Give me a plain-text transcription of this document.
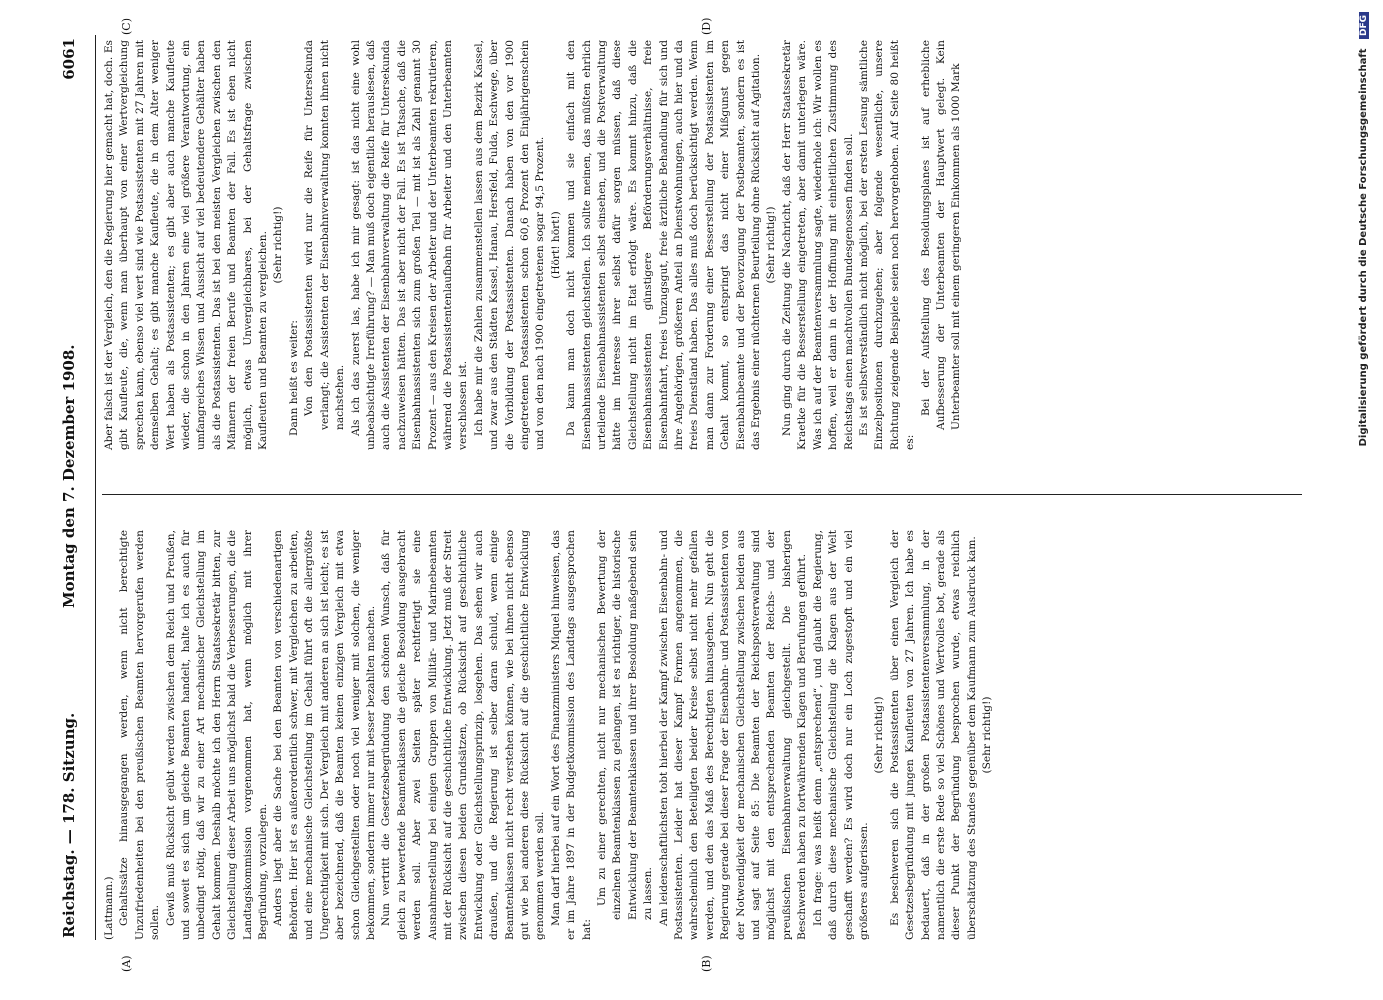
Reichstag. — 178. Sitzung.
Montag den 7. Dezember 1908.
6061
(A)	(B)
(C)	(D)

(Lattmann.) Gehaltssätze hinausgegangen werden, wenn nicht berechtigte Unzufriedenheiten bei den preußischen Beamten hervorgerufen werden sollen. Gewiß muß Rücksicht geübt werden zwischen dem Reich und Preußen, und soweit es sich um gleiche Beamten handelt, halte ich es auch für unbedingt nötig, daß wir zu einer Art mechanischer Gleichstellung im Gehalt kommen. Deshalb möchte ich den Herrn Staatssekretär bitten, zur Gleichstellung dieser Arbeit uns möglichst bald die Verbesserungen, die die Landtagskommission vorgenommen hat, wenn möglich mit ihrer Begründung, vorzulegen. Anders liegt aber die Sache bei den Beamten von verschiedenartigen Behörden. Hier ist es außerordentlich schwer, mit Vergleichen zu arbeiten, und eine mechanische Gleichstellung im Gehalt führt oft die allergrößte Ungerechtigkeit mit sich. Der Vergleich mit anderen an sich ist leicht; es ist aber bezeichnend, daß die Beamten keinen einzigen Vergleich mit etwa schon Gleichgestellten oder noch viel weniger mit solchen, die weniger bekommen, sondern immer nur mit besser bezahlten machen. Nun vertritt die Gesetzesbegründung den schönen Wunsch, daß für gleich zu bewertende Beamtenklassen die gleiche Besoldung ausgebracht werden soll. Aber zwei Seiten später rechtfertigt sie eine Ausnahmestellung bei einigen Gruppen von Militär- und Marinebeamten mit der Rücksicht auf die geschichtliche Entwicklung. Jetzt muß der Streit zwischen diesen beiden Grundsätzen, ob Rücksicht auf geschichtliche Entwicklung oder Gleichstellungsprinzip, losgehen. Das sehen wir auch draußen, und die Regierung ist selber daran schuld, wenn einige Beamtenklassen nicht recht verstehen können, wie bei ihnen nicht ebenso gut wie bei anderen diese Rücksicht auf die geschichtliche Entwicklung genommen werden soll. Man darf hierbei auf ein Wort des Finanzministers Miquel hinweisen, das er im Jahre 1897 in der Budgetkommission des Landtags ausgesprochen hat:

Um zu einer gerechten, nicht nur mechanischen Bewertung der einzelnen Beamtenklassen zu gelangen, ist es richtiger, die historische Entwicklung der Beamtenklassen und ihrer Besoldung maßgebend sein zu lassen. Am leidenschaftlichsten tobt hierbei der Kampf zwischen Eisenbahn- und Postassistenten. Leider hat dieser Kampf Formen angenommen, die wahrscheinlich den Beteiligten beider Kreise selbst nicht mehr gefallen werden, und den das Maß des Berechtigten hinausgehen. Nun geht die Regierung gerade bei dieser Frage der Eisenbahn- und Postassistenten von der Notwendigkeit der mechanischen Gleichstellung zwischen beiden aus und sagt auf Seite 85: Die Beamten der Reichspostverwaltung sind möglichst mit den entsprechenden Beamten der Reichs- und der preußischen Eisenbahnverwaltung gleichgestellt. Die bisherigen Beschwerden haben zu fortwährenden Klagen und Berufungen geführt. Ich frage: was heißt denn „entsprechend“, und glaubt die Regierung, daß durch diese mechanische Gleichstellung die Klagen aus der Welt geschafft werden? Es wird doch nur ein Loch zugestopft und ein viel größeres aufgerissen.

(Sehr richtig!) Es beschweren sich die Postassistenten über einen Vergleich der Gesetzesbegründung mit jungen Kaufleuten von 27 Jahren. Ich habe es bedauert, daß in der großen Postassistentenversammlung, in der namentlich die erste Rede so viel Schönes und Wertvolles bot, gerade als dieser Punkt der Begründung besprochen wurde, etwas reichlich überschätzung des Standes gegenüber dem Kaufmann zum Ausdruck kam. (Sehr richtig!)

Aber falsch ist der Vergleich, den die Regierung hier gemacht hat, doch. Es gibt Kaufleute, die, wenn man überhaupt von einer Wertvergleichung sprechen kann, ebenso viel wert sind wie Postassistenten mit 27 Jahren mit demselben Gehalt; es gibt manche Kaufleute, die in dem Alter weniger Wert haben als Postassistenten; es gibt aber auch manche Kaufleute wieder, die schon in den Jahren eine viel größere Verantwortung, ein umfangreiches Wissen und Aussicht auf viel bedeutendere Gehälter haben als die Postassistenten. Das ist bei den meisten Vergleichen zwischen den Männern der freien Berufe und Beamten der Fall. Es ist eben nicht möglich, etwas Unvergleichbares, bei der Gehaltsfrage zwischen Kaufleuten und Beamten zu vergleichen. (Sehr richtig!)

Dann heißt es weiter: Von den Postassistenten wird nur die Reife für Untersekunda verlangt; die Assistenten der Eisenbahnverwaltung konnten ihnen nicht nachstehen. Als ich das zuerst las, habe ich mir gesagt: ist das nicht eine wohl unbeabsichtigte Irreführung? — Man muß doch eigentlich herauslesen, daß auch die Assistenten der Eisenbahnverwaltung die Reife für Untersekunda nachzuweisen hätten. Das ist aber nicht der Fall. Es ist Tatsache, daß die Eisenbahnassistenten sich zum großen Teil — mit ist als Zahl genannt 30 Prozent — aus den Kreisen der Arbeiter und der Unterbeamten rekrutieren, während die Postassistentenlaufbahn für Arbeiter und den Unterbeamten verschlossen ist. Ich habe mir die Zahlen zusammenstellen lassen aus dem Bezirk Kassel, und zwar aus den Städten Kassel, Hanau, Hersfeld, Fulda, Eschwege, über die Vorbildung der Postassistenten. Danach haben von den vor 1900 eingetretenen Postassistenten schon 60,6 Prozent den Einjährigenschein und von den nach 1900 eingetretenen sogar 94,5 Prozent. (Hört! hört!) Da kann man doch nicht kommen und sie einfach mit den Eisenbahnassistenten gleichstellen. Ich sollte meinen, das müßten ehrlich urteilende Eisenbahnassistenten selbst einsehen, und die Postverwaltung hätte im Interesse ihrer selbst dafür sorgen müssen, daß diese Gleichstellung nicht im Etat erfolgt wäre. Es kommt hinzu, daß die Eisenbahnassistenten günstigere Beförderungsverhältnisse, freie Eisenbahnfahrt, freies Umzugsgut, freie ärztliche Behandlung für sich und ihre Angehörigen, größeren Anteil an Dienstwohnungen, auch hier und da freies Dienstland haben. Das alles muß doch berücksichtigt werden. Wenn man dann zur Forderung einer Besserstellung der Postassistenten im Gehalt kommt, so entspringt das nicht einer Mißgunst gegen Eisenbahnbeamte und der Bevorzugung der Postbeamten, sondern es ist das Ergebnis einer nüchternen Beurteilung ohne Rücksicht auf Agitation. (Sehr richtig!) Nun ging durch die Zeitung die Nachricht, daß der Herr Staatssekretär Kraetke für die Besserstellung eingetreten, aber damit unterlegen wäre. Was ich auf der Beamtenversammlung sagte, wiederhole ich: Wir wollen es hoffen, weil er dann in der Hoffnung mit einheitlichen Zustimmung des Reichstags einen machtvollen Bundesgenossen finden soll. Es ist selbstverständlich nicht möglich, bei der ersten Lesung sämtliche Einzelpositionen durchzugehen; aber folgende wesentliche, unsere Richtung zeigende Beispiele seien noch hervorgehoben. Auf Seite 80 heißt es:

Bei der Aufstellung des Besoldungsplanes ist auf erhebliche Aufbesserung der Unterbeamten der Hauptwert gelegt. Kein Unterbeamter soll mit einem geringeren Einkommen als 1000 Mark	Digitalisierung gefördert durch die Deutsche Forschungsgemeinschaft DFG
